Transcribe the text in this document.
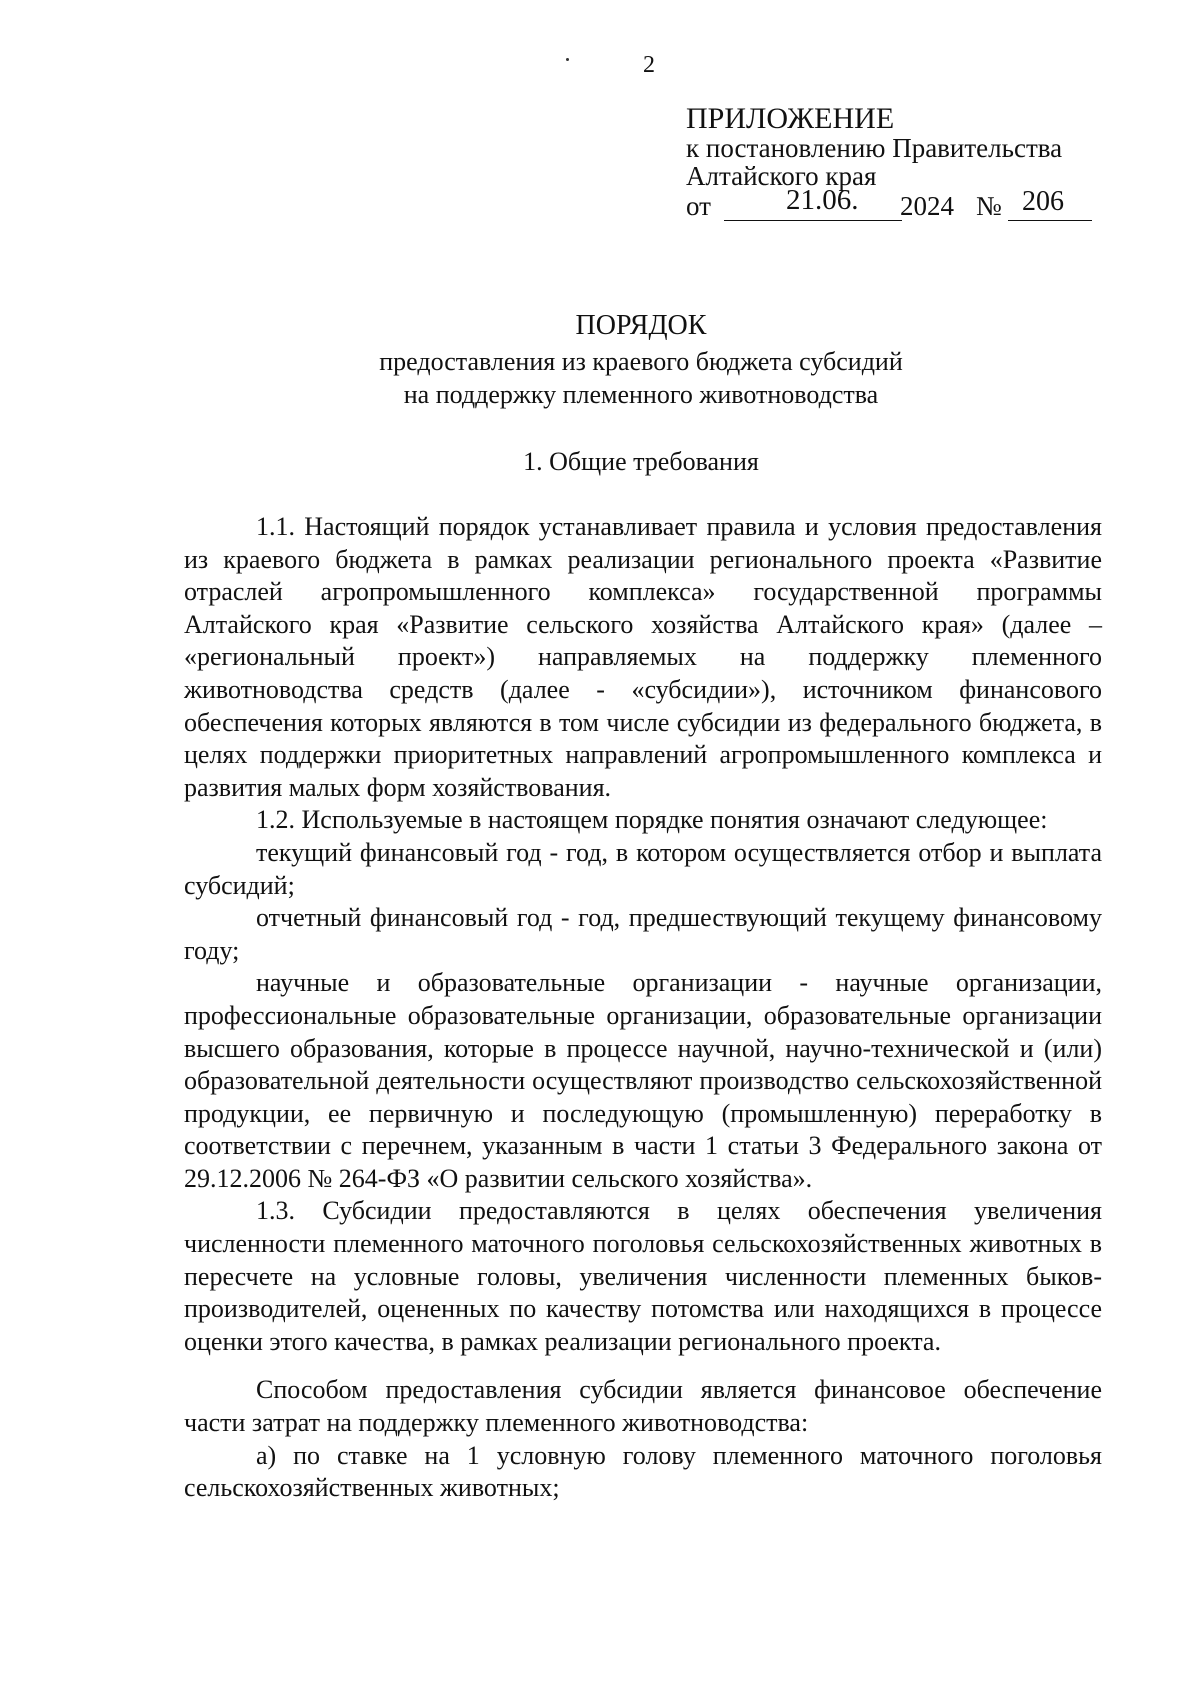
2
ПРИЛОЖЕНИЕ
к постановлению Правительства
Алтайского края
от	21.06. 2024 № 206
ПОРЯДОК
предоставления из краевого бюджета субсидий
на поддержку племенного животноводства
1. Общие требования

1.1. Настоящий порядок устанавливает правила и условия предоставления из краевого бюджета в рамках реализации регионального проекта «Развитие отраслей агропромышленного комплекса» государственной программы Алтайского края «Развитие сельского хозяйства Алтайского края» (далее – «региональный проект») направляемых на поддержку племенного животноводства средств (далее - «субсидии»), источником финансового обеспечения которых являются в том числе субсидии из федерального бюджета, в целях поддержки приоритетных направлений агропромышленного комплекса и развития малых форм хозяйствования.

1.2. Используемые в настоящем порядке понятия означают следующее:

текущий финансовый год - год, в котором осуществляется отбор и выплата субсидий;

отчетный финансовый год - год, предшествующий текущему финансовому году;

научные и образовательные организации - научные организации, профессиональные образовательные организации, образовательные организации высшего образования, которые в процессе научной, научно-технической и (или) образовательной деятельности осуществляют производство сельскохозяйственной продукции, ее первичную и последующую (промышленную) переработку в соответствии с перечнем, указанным в части 1 статьи 3 Федерального закона от 29.12.2006 № 264-ФЗ «О развитии сельского хозяйства».

1.3. Субсидии предоставляются в целях обеспечения увеличения численности племенного маточного поголовья сельскохозяйственных животных в пересчете на условные головы, увеличения численности племенных быков-производителей, оцененных по качеству потомства или находящихся в процессе оценки этого качества, в рамках реализации регионального проекта.

Способом предоставления субсидии является финансовое обеспечение части затрат на поддержку племенного животноводства:

а) по ставке на 1 условную голову племенного маточного поголовья сельскохозяйственных животных;
